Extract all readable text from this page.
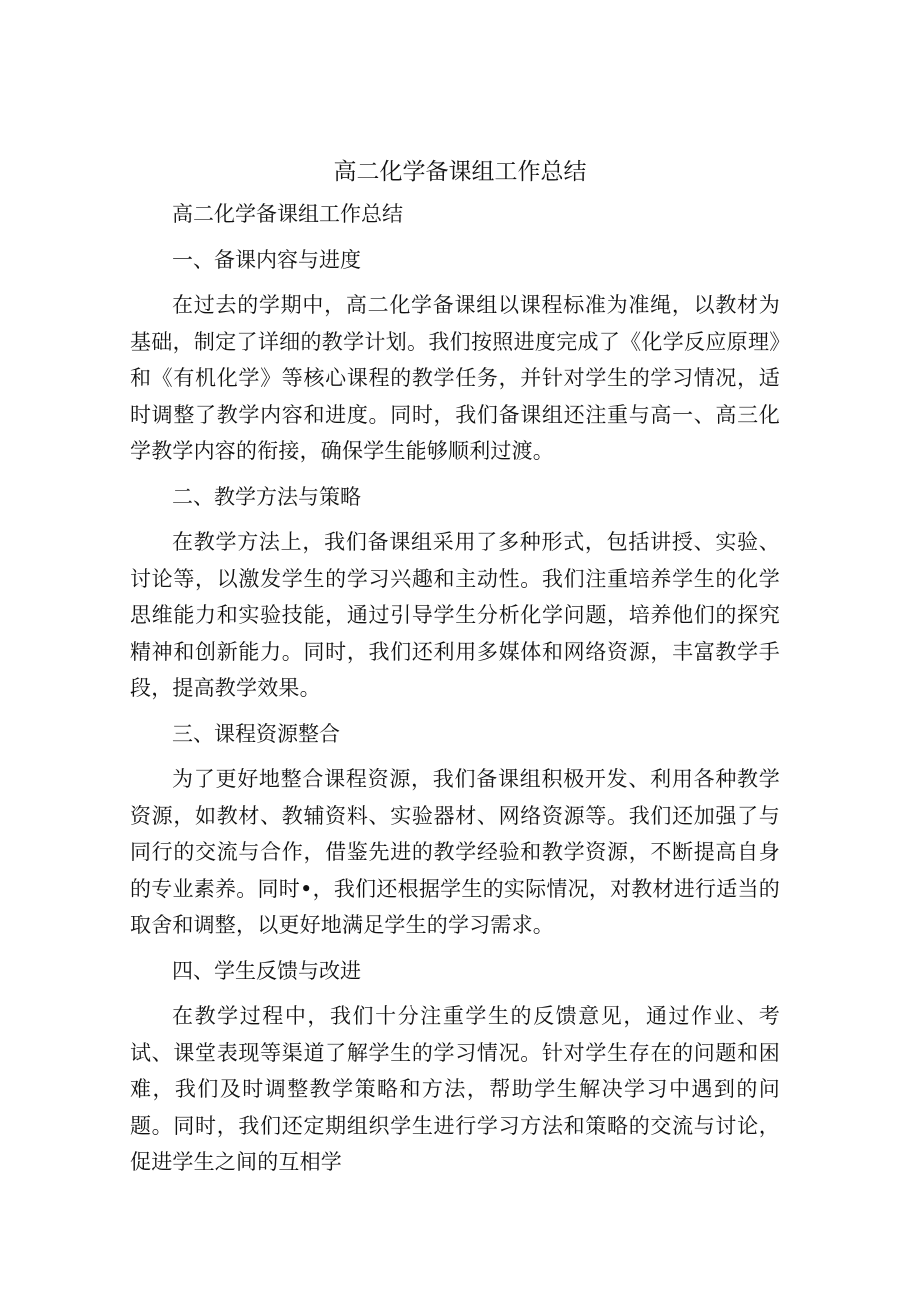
高二化学备课组工作总结

高二化学备课组工作总结

一、备课内容与进度

在过去的学期中，高二化学备课组以课程标准为准绳，以教材为基础，制定了详细的教学计划。我们按照进度完成了《化学反应原理》和《有机化学》等核心课程的教学任务，并针对学生的学习情况，适时调整了教学内容和进度。同时，我们备课组还注重与高一、高三化学教学内容的衔接，确保学生能够顺利过渡。

二、教学方法与策略

在教学方法上，我们备课组采用了多种形式，包括讲授、实验、讨论等，以激发学生的学习兴趣和主动性。我们注重培养学生的化学思维能力和实验技能，通过引导学生分析化学问题，培养他们的探究精神和创新能力。同时，我们还利用多媒体和网络资源，丰富教学手段，提高教学效果。

三、课程资源整合

为了更好地整合课程资源，我们备课组积极开发、利用各种教学资源，如教材、教辅资料、实验器材、网络资源等。我们还加强了与同行的交流与合作，借鉴先进的教学经验和教学资源，不断提高自身的专业素养。同时•，我们还根据学生的实际情况，对教材进行适当的取舍和调整，以更好地满足学生的学习需求。

四、学生反馈与改进

在教学过程中，我们十分注重学生的反馈意见，通过作业、考试、课堂表现等渠道了解学生的学习情况。针对学生存在的问题和困难，我们及时调整教学策略和方法，帮助学生解决学习中遇到的问题。同时，我们还定期组织学生进行学习方法和策略的交流与讨论，促进学生之间的互相学
